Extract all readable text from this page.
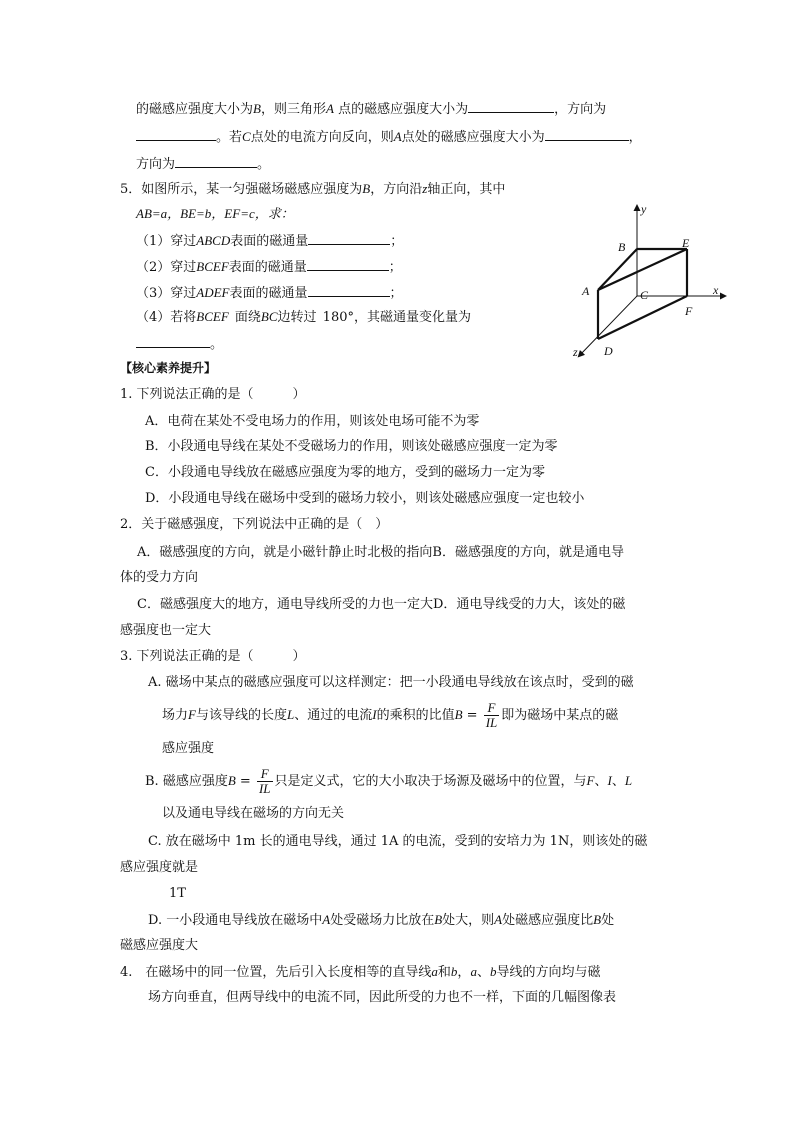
的磁感应强度大小为B，则三角形A 点的磁感应强度大小为	，方向为
。若C点处的电流方向反向，则A点处的磁感应强度大小为	，
方向为	。
5．如图所示，某一匀强磁场磁感应强度为B，方向沿z轴正向，其中
AB=a，BE=b，EF=c，求：
（1）穿过ABCD表面的磁通量	；
（2）穿过BCEF表面的磁通量	；
（3）穿过ADEF表面的磁通量	；
（4）若将BCEF 面绕BC边转过 180°，其磁通量变化量为
。
y
x
z
B	E
A	C
F
D
【核心素养提升】
1. 下列说法正确的是（　　　）
A．电荷在某处不受电场力的作用，则该处电场可能不为零
B．小段通电导线在某处不受磁场力的作用，则该处磁感应强度一定为零
C．小段通电导线放在磁感应强度为零的地方，受到的磁场力一定为零
D．小段通电导线在磁场中受到的磁场力较小，则该处磁感应强度一定也较小
2．关于磁感强度，下列说法中正确的是（　）
A．磁感强度的方向，就是小磁针静止时北极的指向B．磁感强度的方向，就是通电导
体的受力方向
C．磁感强度大的地方，通电导线所受的力也一定大D．通电导线受的力大，该处的磁
感强度也一定大
3. 下列说法正确的是（　　　）
A. 磁场中某点的磁感应强度可以这样测定：把一小段通电导线放在该点时，受到的磁
场力F与该导线的长度L、通过的电流I的乘积的比值$B = \frac{F}{IL}$ 即为磁场中某点的磁
感应强度
B. 磁感应强度$B = \frac{F}{IL}$ 只是定义式，它的大小取决于场源及磁场中的位置，与F、I、L
以及通电导线在磁场的方向无关
C. 放在磁场中 1m 长的通电导线，通过 1A 的电流，受到的安培力为 1N，则该处的磁
感应强度就是
1T
D. 一小段通电导线放在磁场中A处受磁场力比放在B处大，则A处磁感应强度比B处
磁感应强度大
4.　在磁场中的同一位置，先后引入长度相等的直导线a和b，a、b导线的方向均与磁
场方向垂直，但两导线中的电流不同，因此所受的力也不一样，下面的几幅图像表
